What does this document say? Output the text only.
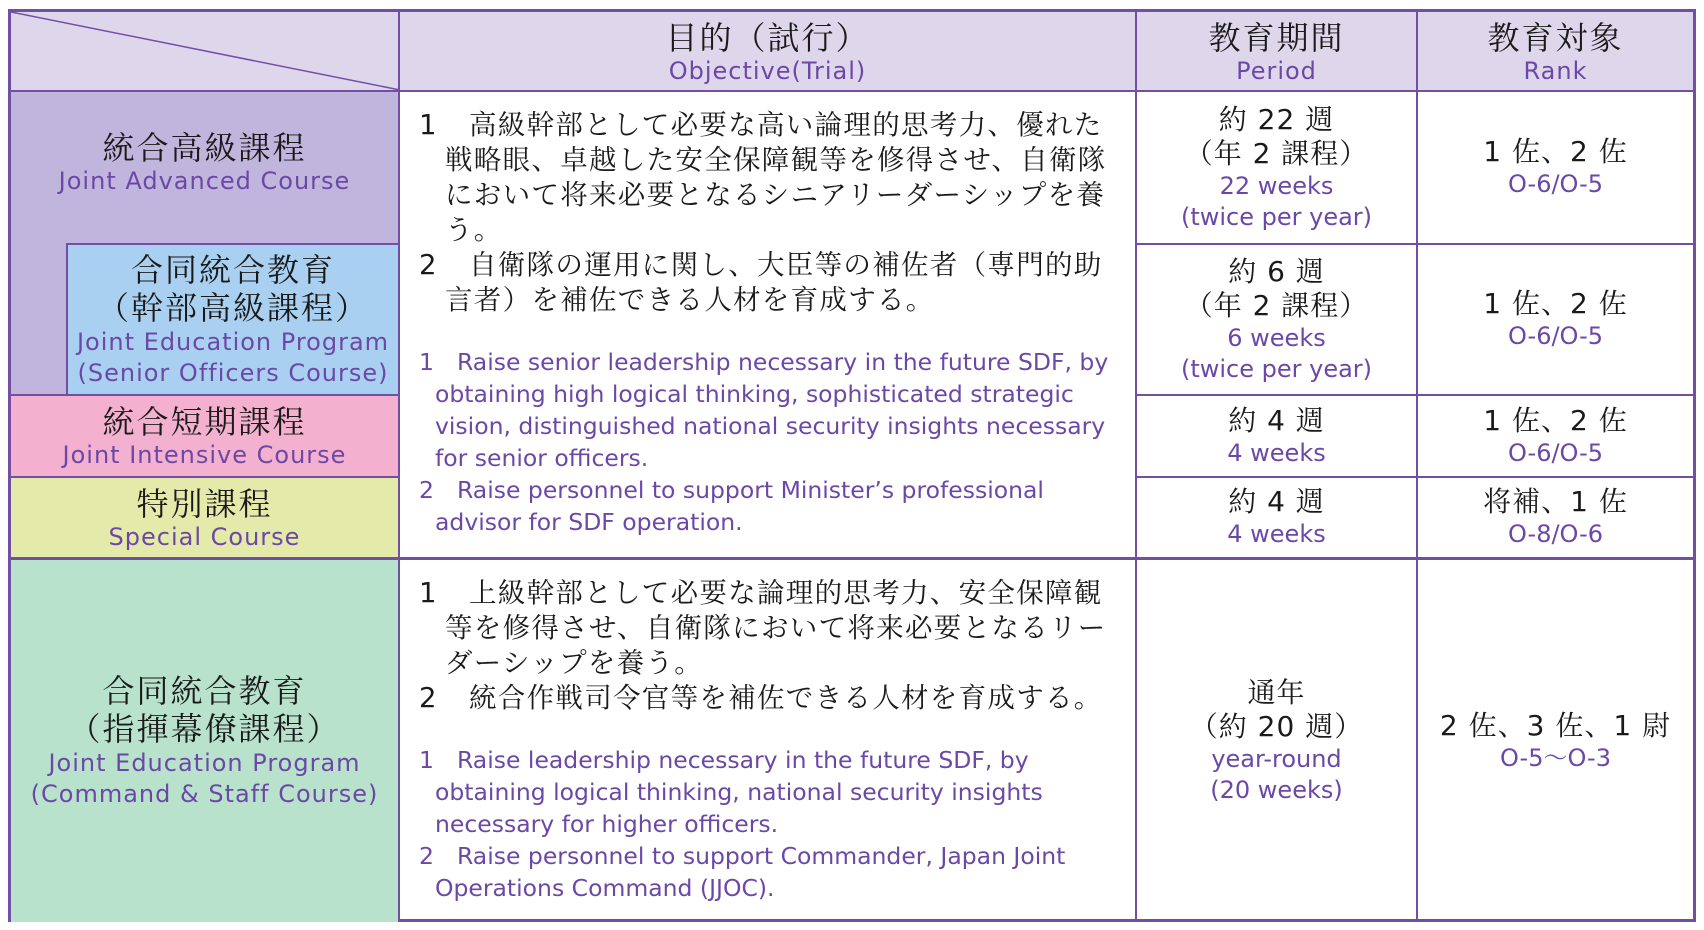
目的（試行）
Objective(Trial)
教育期間
Period
教育対象
Rank
統合高級課程
Joint Advanced Course
合同統合教育
（幹部高級課程）
Joint Education Program
(Senior Officers Course)
統合短期課程
Joint Intensive Course
特別課程
Special Course
合同統合教育
（指揮幕僚課程）
Joint Education Program
(Command & Staff Course)
1 高級幹部として必要な高い論理的思考力、優れた戦略眼、卓越した安全保障観等を修得させ、自衛隊において将来必要となるシニアリーダーシップを養う。
2 自衛隊の運用に関し、大臣等の補佐者（専門的助言者）を補佐できる人材を育成する。
1 Raise senior leadership necessary in the future SDF, by obtaining high logical thinking, sophisticated strategic vision, distinguished national security insights necessary for senior officers.
2 Raise personnel to support Minister’s professional advisor for SDF operation.
1 上級幹部として必要な論理的思考力、安全保障観等を修得させ、自衛隊において将来必要となるリーダーシップを養う。
2 統合作戦司令官等を補佐できる人材を育成する。
1 Raise leadership necessary in the future SDF, by obtaining logical thinking, national security insights necessary for higher officers.
2 Raise personnel to support Commander, Japan Joint Operations Command (JJOC).
約 22 週
（年 2 課程）
22 weeks
(twice per year)
約 6 週
（年 2 課程）
6 weeks
(twice per year)
約 4 週
4 weeks
約 4 週
4 weeks
通年
（約 20 週）
year-round
(20 weeks)
1 佐、2 佐
O-6/O-5
1 佐、2 佐
O-6/O-5
1 佐、2 佐
O-6/O-5
将補、1 佐
O-8/O-6
2 佐、3 佐、1 尉
O-5～O-3
